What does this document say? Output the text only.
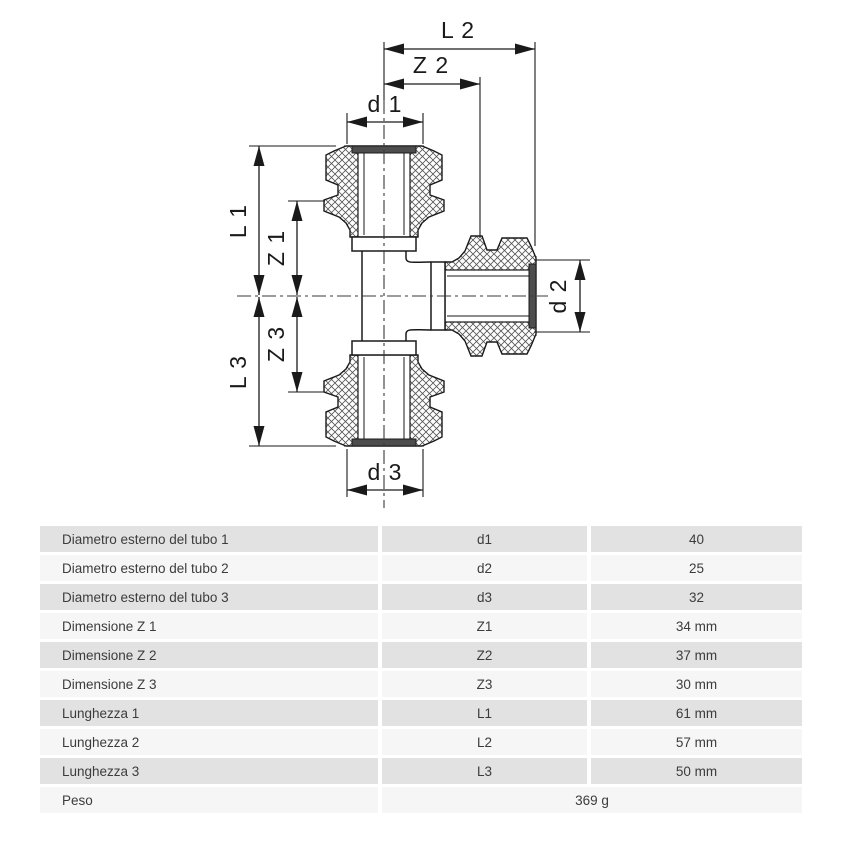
L 2
Z 2
d 1
L 1
Z 1
Z 3
L 3
d 2
d 3
Diametro esterno del tubo 1	d1	40
Diametro esterno del tubo 2	d2	25
Diametro esterno del tubo 3	d3	32
Dimensione Z 1	Z1	34 mm
Dimensione Z 2	Z2	37 mm
Dimensione Z 3	Z3	30 mm
Lunghezza 1	L1	61 mm
Lunghezza 2	L2	57 mm
Lunghezza 3	L3	50 mm
Peso	369 g
